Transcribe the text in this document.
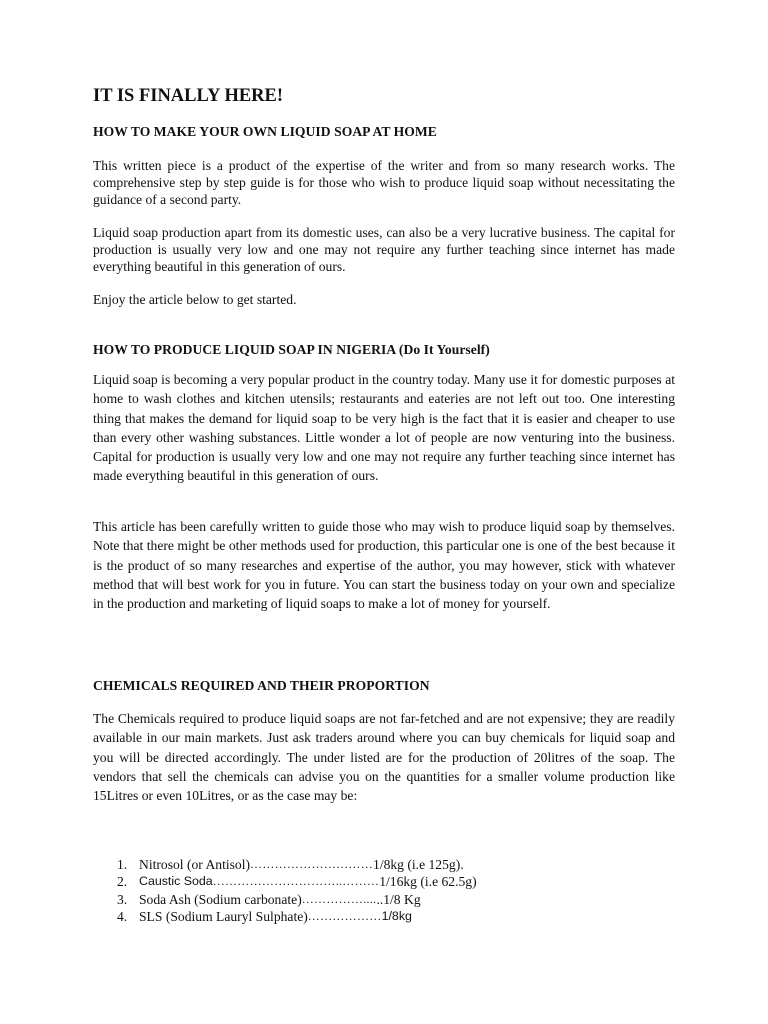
IT IS FINALLY HERE!
HOW TO MAKE YOUR OWN LIQUID SOAP AT HOME

This written piece is a product of the expertise of the writer and from so many research works. The comprehensive step by step guide is for those who wish to produce liquid soap without necessitating the guidance of a second party.

Liquid soap production apart from its domestic uses, can also be a very lucrative business. The capital for production is usually very low and one may not require any further teaching since internet has made everything beautiful in this generation of ours.

Enjoy the article below to get started.

HOW TO PRODUCE LIQUID SOAP IN NIGERIA (Do It Yourself)

Liquid soap is becoming a very popular product in the country today. Many use it for domestic purposes at home to wash clothes and kitchen utensils; restaurants and eateries are not left out too. One interesting thing that makes the demand for liquid soap to be very high is the fact that it is easier and cheaper to use than every other washing substances. Little wonder a lot of people are now venturing into the business. Capital for production is usually very low and one may not require any further teaching since internet has made everything beautiful in this generation of ours.

This article has been carefully written to guide those who may wish to produce liquid soap by themselves. Note that there might be other methods used for production, this particular one is one of the best because it is the product of so many researches and expertise of the author, you may however, stick with whatever method that will best work for you in future. You can start the business today on your own and specialize in the production and marketing of liquid soaps to make a lot of money for yourself.

CHEMICALS REQUIRED AND THEIR PROPORTION

The Chemicals required to produce liquid soaps are not far-fetched and are not expensive; they are readily available in our main markets. Just ask traders around where you can buy chemicals for liquid soap and you will be directed accordingly. The under listed are for the production of 20litres of the soap. The vendors that sell the chemicals can advise you on the quantities for a smaller volume production like 15Litres or even 10Litres, or as the case may be:

1. Nitrosol (or Antisol) ………………………… 1/8kg (i.e 125g).
2. Caustic Soda …………………………..……… 1/16kg (i.e 62.5g)
3. Soda Ash (Sodium carbonate) …………….... ..1/8 Kg
4. SLS (Sodium Lauryl Sulphate) ……………… 1/8kg
